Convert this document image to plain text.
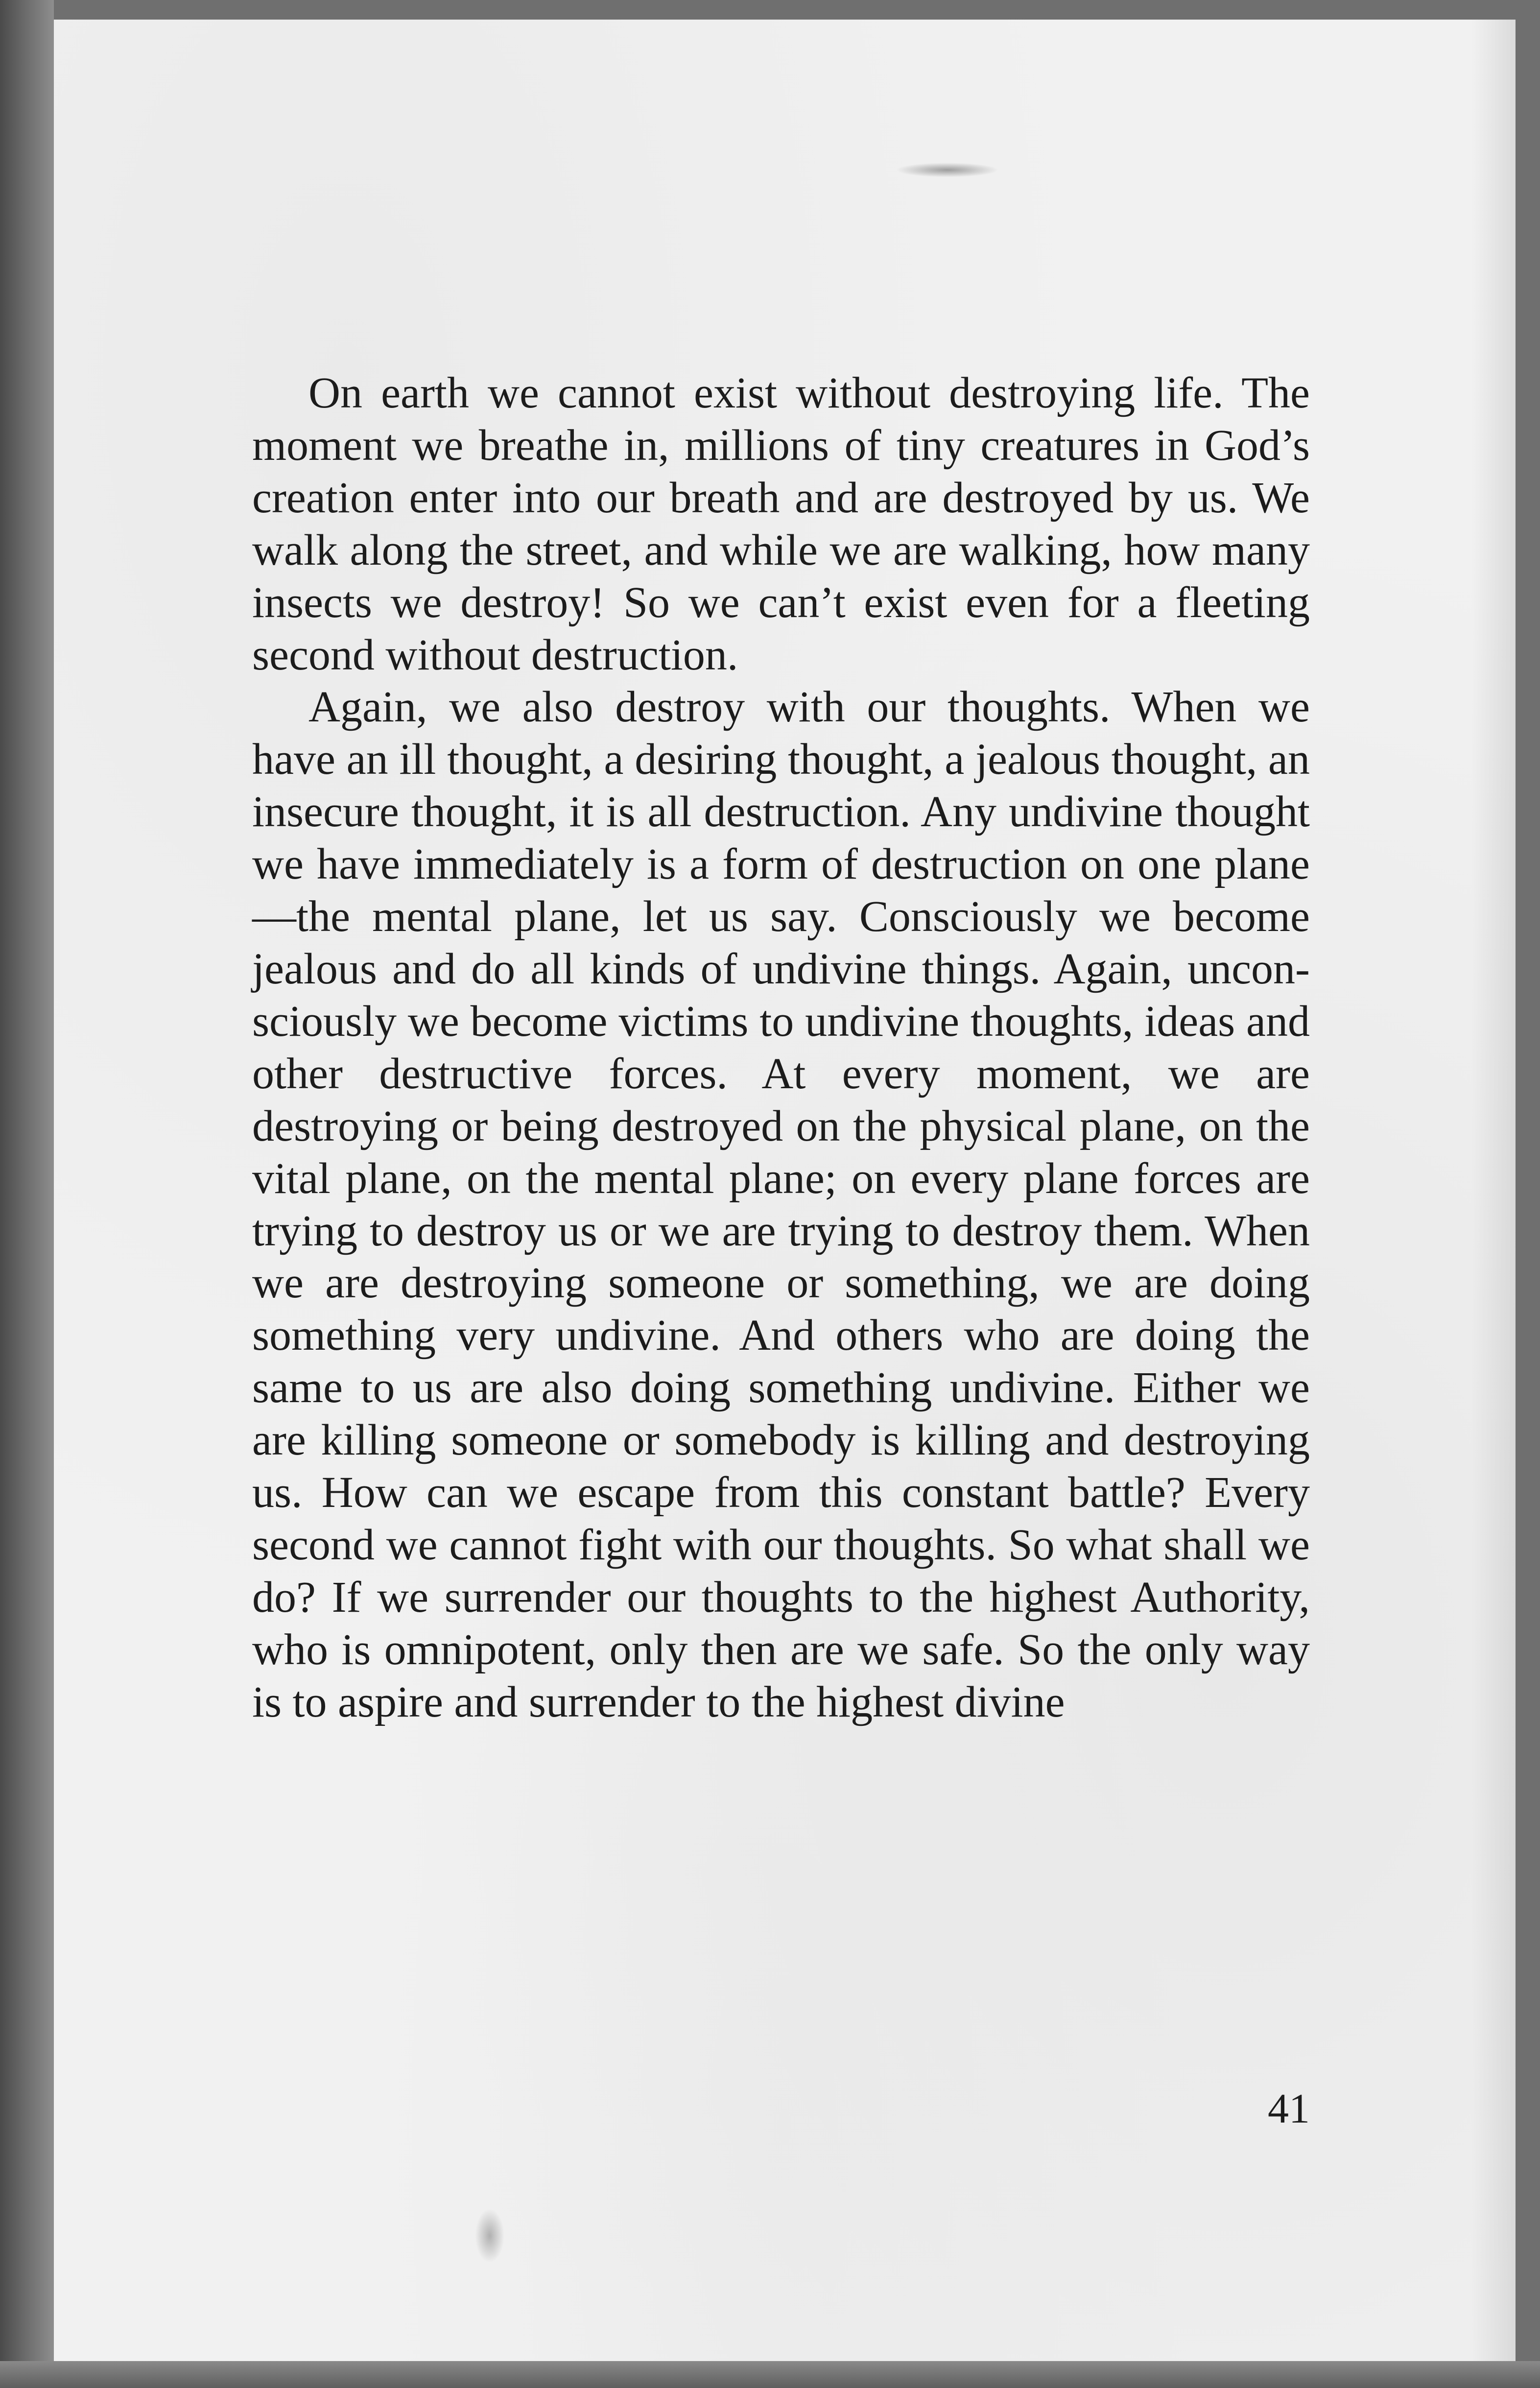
On earth we cannot exist without destroying life. The moment we breathe in, millions of tiny creatures in God’s creation enter into our breath and are destroyed by us. We walk along the street, and while we are walking, how many insects we destroy! So we can’t exist even for a fleeting second without destruction.

Again, we also destroy with our thoughts. When we have an ill thought, a desiring thought, a jealous thought, an insecure thought, it is all destruction. Any undivine thought we have immediately is a form of destruction on one plane—the mental plane, let us say. Consciously we become jealous and do all kinds of undivine things. Again, unconsciously we become victims to undivine thoughts, ideas and other destructive forces. At every moment, we are destroying or being destroyed on the physical plane, on the vital plane, on the mental plane; on every plane forces are trying to destroy us or we are trying to destroy them. When we are destroying someone or something, we are doing something very undivine. And others who are doing the same to us are also doing something undivine. Either we are killing someone or somebody is killing and destroying us. How can we escape from this constant battle? Every second we cannot fight with our thoughts. So what shall we do? If we surrender our thoughts to the highest Authority, who is omnipotent, only then are we safe. So the only way is to aspire and surrender to the highest divine

41
